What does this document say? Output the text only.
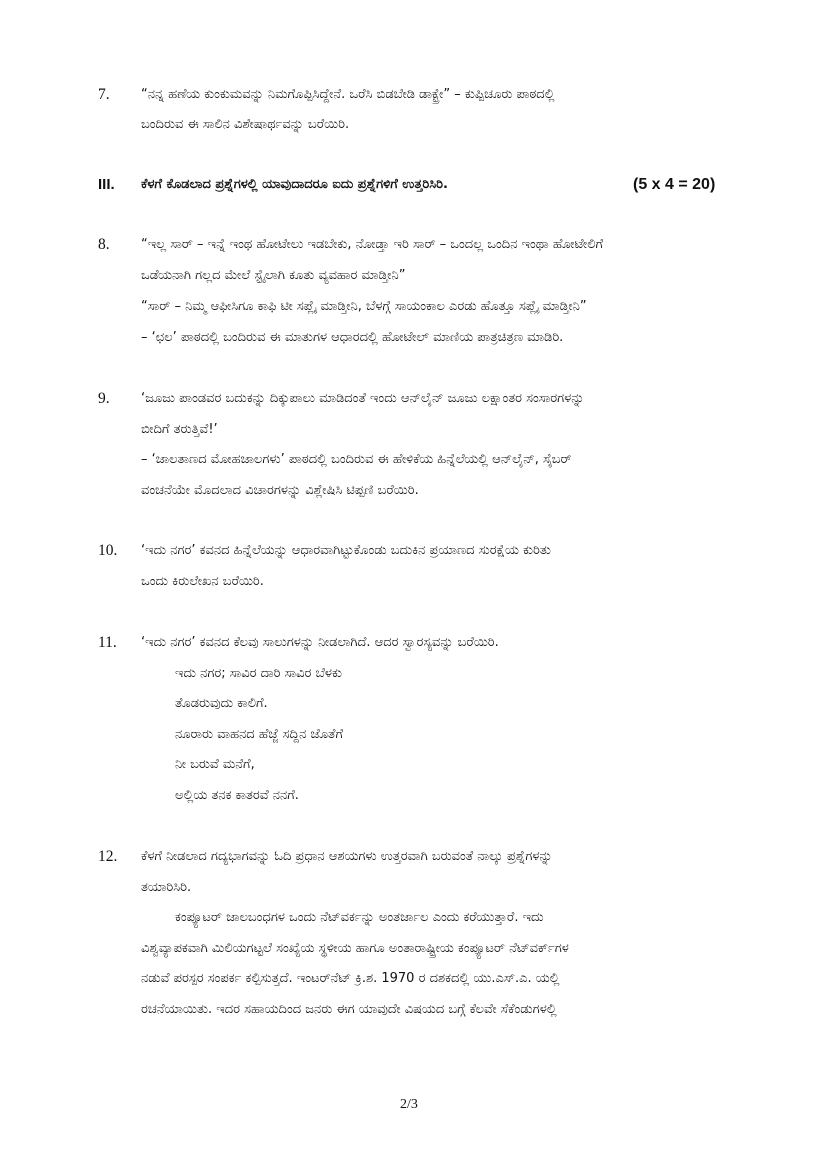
7. “ನನ್ನ ಹಣೆಯ ಕುಂಕುಮವನ್ನು ನಿಮಗೊಪ್ಪಿಸಿದ್ದೇನೆ. ಒರೆಸಿ ಬಿಡಬೇಡಿ ಡಾಕ್ಟ್ರೇ” – ಕುಪ್ಪಿಚೂರು ಪಾಠದಲ್ಲಿ
ಬಂದಿರುವ ಈ ಸಾಲಿನ ವಿಶೇಷಾರ್ಥವನ್ನು ಬರೆಯಿರಿ.
III. ಕೆಳಗೆ ಕೊಡಲಾದ ಪ್ರಶ್ನೆಗಳಲ್ಲಿ ಯಾವುದಾದರೂ ಐದು ಪ್ರಶ್ನೆಗಳಿಗೆ ಉತ್ತರಿಸಿರಿ.	(5 x 4 = 20)
8. “ಇಲ್ಲ ಸಾರ್ – ಇನ್ನೆ ಇಂಥ ಹೋಟೇಲು ಇಡಬೇಕು, ನೋಡ್ತಾ ಇರಿ ಸಾರ್ – ಒಂದಲ್ಲ ಒಂದಿನ ಇಂಥಾ ಹೋಟೇಲಿಗೆ
ಒಡೆಯನಾಗಿ ಗಲ್ಲದ ಮೇಲೆ ಸ್ಟೈಲಾಗಿ ಕೂತು ವ್ಯವಹಾರ ಮಾಡ್ತೀನಿ”
“ಸಾರ್ – ನಿಮ್ಮ ಆಫೀಸಿಗೂ ಕಾಫಿ ಟೀ ಸಪ್ಲೈ ಮಾಡ್ತೀನಿ, ಬೆಳಗ್ಗೆ ಸಾಯಂಕಾಲ ಎರಡು ಹೊತ್ತೂ ಸಪ್ಲೈ ಮಾಡ್ತೀನಿ”
– ‘ಛಲ’ ಪಾಠದಲ್ಲಿ ಬಂದಿರುವ ಈ ಮಾತುಗಳ ಆಧಾರದಲ್ಲಿ ಹೋಟೇಲ್ ಮಾಣಿಯ ಪಾತ್ರಚಿತ್ರಣ ಮಾಡಿರಿ.
9. ‘ಜೂಜು ಪಾಂಡವರ ಬದುಕನ್ನು ದಿಕ್ಕುಪಾಲು ಮಾಡಿದಂತೆ ಇಂದು ಆನ್‌ಲೈನ್ ಜೂಜು ಲಕ್ಷಾಂತರ ಸಂಸಾರಗಳನ್ನು
ಬೀದಿಗೆ ತರುತ್ತಿವೆ!’
– ‘ಜಾಲತಾಣದ ಮೋಹಜಾಲಗಳು’ ಪಾಠದಲ್ಲಿ ಬಂದಿರುವ ಈ ಹೇಳಿಕೆಯ ಹಿನ್ನೆಲೆಯಲ್ಲಿ ಆನ್‌ಲೈನ್, ಸೈಬರ್
ವಂಚನೆಯೇ ಮೊದಲಾದ ವಿಚಾರಗಳನ್ನು ವಿಶ್ಲೇಷಿಸಿ ಟಿಪ್ಪಣಿ ಬರೆಯಿರಿ.
10. ‘ಇದು ನಗರ’ ಕವನದ ಹಿನ್ನೆಲೆಯನ್ನು ಆಧಾರವಾಗಿಟ್ಟುಕೊಂಡು ಬದುಕಿನ ಪ್ರಯಾಣದ ಸುರಕ್ಷೆಯ ಕುರಿತು
ಒಂದು ಕಿರುಲೇಖನ ಬರೆಯಿರಿ.
11. ‘ಇದು ನಗರ’ ಕವನದ ಕೆಲವು ಸಾಲುಗಳನ್ನು ನೀಡಲಾಗಿದೆ. ಆದರ ಸ್ವಾರಸ್ಯವನ್ನು ಬರೆಯಿರಿ.
ಇದು ನಗರ; ಸಾವಿರ ದಾರಿ ಸಾವಿರ ಬೆಳಕು
ತೊಡರುವುದು ಕಾಲಿಗೆ.
ನೂರಾರು ವಾಹನದ ಹೆಜ್ಜೆ ಸದ್ದಿನ ಜೊತೆಗೆ
ನೀ ಬರುವೆ ಮನೆಗೆ,
ಅಲ್ಲಿಯ ತನಕ ಕಾತರವೆ ನನಗೆ.
12. ಕೆಳಗೆ ನೀಡಲಾದ ಗದ್ಯಭಾಗವನ್ನು ಓದಿ ಪ್ರಧಾನ ಆಶಯಗಳು ಉತ್ತರವಾಗಿ ಬರುವಂತೆ ನಾಲ್ಕು ಪ್ರಶ್ನೆಗಳನ್ನು
ತಯಾರಿಸಿರಿ.
ಕಂಪ್ಯೂಟರ್ ಜಾಲಬಂಧಗಳ ಒಂದು ನೆಟ್‌ವರ್ಕನ್ನು ಅಂತರ್ಜಾಲ ಎಂದು ಕರೆಯುತ್ತಾರೆ. ಇದು
ವಿಶ್ವವ್ಯಾಪಕವಾಗಿ ಮಿಲಿಯಗಟ್ಟಲೆ ಸಂಖ್ಯೆಯ ಸ್ಥಳೀಯ ಹಾಗೂ ಅಂತಾರಾಷ್ಟ್ರೀಯ ಕಂಪ್ಯೂಟರ್ ನೆಟ್‌ವರ್ಕ್‌ಗಳ
ನಡುವೆ ಪರಸ್ಪರ ಸಂಪರ್ಕ ಕಲ್ಪಿಸುತ್ತದೆ. ಇಂಟರ್‌ನೆಟ್ ಕ್ರಿ.ಶ. 1970 ರ ದಶಕದಲ್ಲಿ ಯು.ಎಸ್.ಎ. ಯಲ್ಲಿ
ರಚನೆಯಾಯಿತು. ಇದರ ಸಹಾಯದಿಂದ ಜನರು ಈಗ ಯಾವುದೇ ವಿಷಯದ ಬಗ್ಗೆ ಕೆಲವೇ ಸೆಕೆಂಡುಗಳಲ್ಲಿ
2/3
